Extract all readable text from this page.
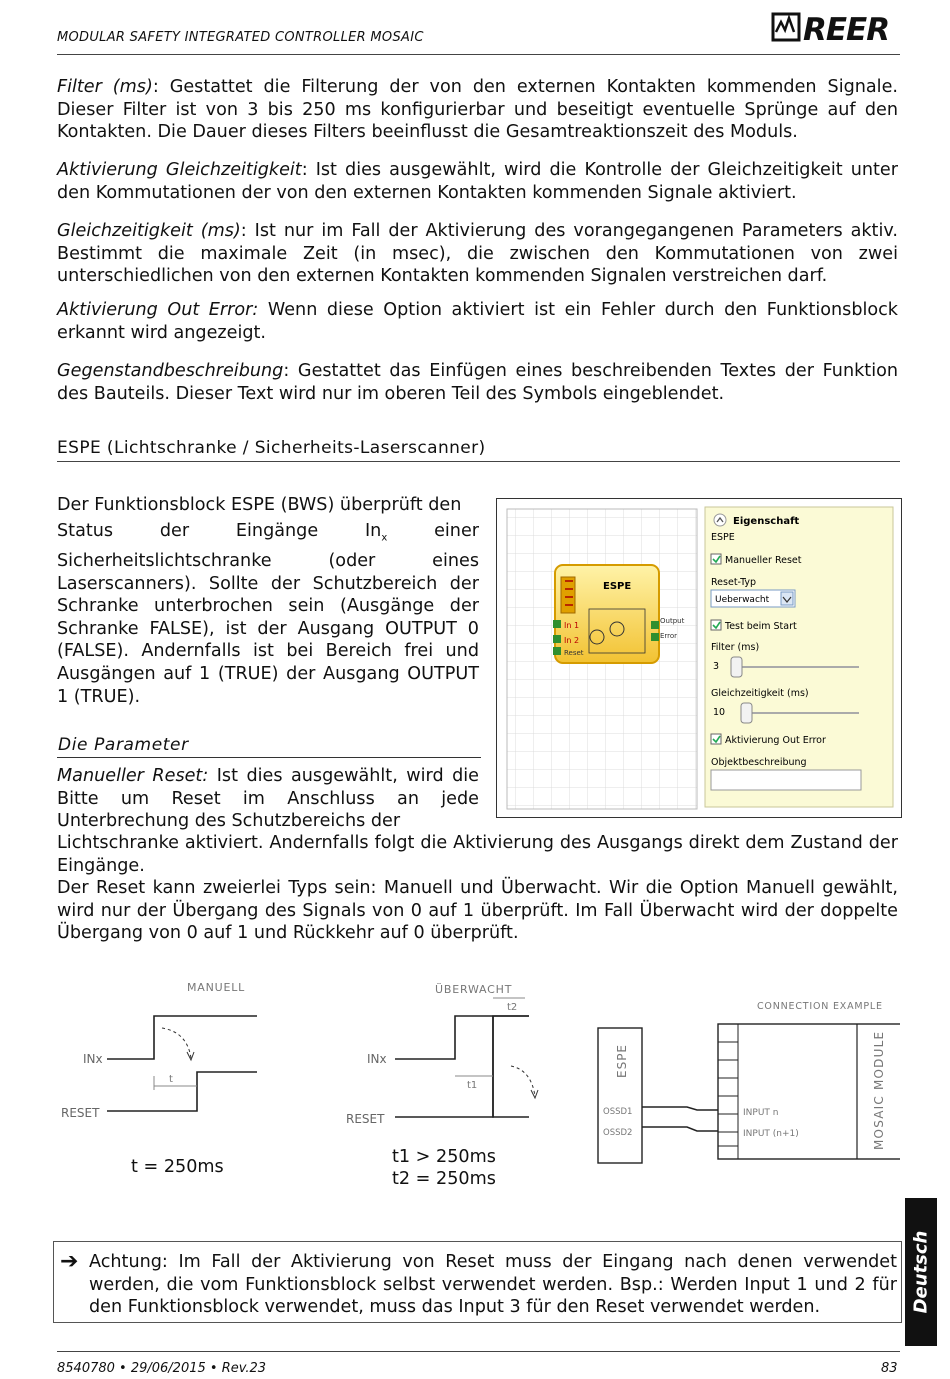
MODULAR SAFETY INTEGRATED CONTROLLER MOSAIC	REER

Filter (ms): Gestattet die Filterung der von den externen Kontakten kommenden Signale. Dieser Filter ist von 3 bis 250 ms konfigurierbar und beseitigt eventuelle Sprünge auf den Kontakten. Die Dauer dieses Filters beeinflusst die Gesamtreaktionszeit des Moduls.

Aktivierung Gleichzeitigkeit: Ist dies ausgewählt, wird die Kontrolle der Gleichzeitigkeit unter den Kommutationen der von den externen Kontakten kommenden Signale aktiviert.

Gleichzeitigkeit (ms): Ist nur im Fall der Aktivierung des vorangegangenen Parameters aktiv. Bestimmt die maximale Zeit (in msec), die zwischen den Kommutationen von zwei unterschiedlichen von den externen Kontakten kommenden Signalen verstreichen darf.

Aktivierung Out Error: Wenn diese Option aktiviert ist ein Fehler durch den Funktionsblock erkannt wird angezeigt.

Gegenstandbeschreibung: Gestattet das Einfügen eines beschreibenden Textes der Funktion des Bauteils. Dieser Text wird nur im oberen Teil des Symbols eingeblendet.

ESPE (Lichtschranke / Sicherheits-Laserscanner)

Der Funktionsblock ESPE (BWS) überprüft den

Status der Eingänge $In_x$ einer Sicherheitslichtschranke (oder eines Laserscanners). Sollte der Schutzbereich der Schranke unterbrochen sein (Ausgänge der Schranke FALSE), ist der Ausgang OUTPUT 0 (FALSE). Andernfalls ist bei Bereich frei und Ausgängen auf 1 (TRUE) der Ausgang OUTPUT 1 (TRUE).

Die Parameter

Manueller Reset: Ist dies ausgewählt, wird die Bitte um Reset im Anschluss an jede Unterbrechung des Schutzbereichs der

Lichtschranke aktiviert. Andernfalls folgt die Aktivierung des Ausgangs direkt dem Zustand der Eingänge.

Der Reset kann zweierlei Typs sein: Manuell und Überwacht. Wir die Option Manuell gewählt, wird nur der Übergang des Signals von 0 auf 1 überprüft. Im Fall Überwacht wird der doppelte Übergang von 0 auf 1 und Rückkehr auf 0 überprüft.

ESPE
In 1
In 2
Reset
Output
Error
Eigenschaft
ESPE
Manueller Reset
Reset-Typ
Ueberwacht
Test beim Start
Filter (ms)
3
Gleichzeitigkeit (ms)
10
Aktivierung Out Error
Objektbeschreibung
MANUELL
INx
RESET
t
t = 250ms
ÜBERWACHT
INx
RESET
t1
t2
t1 > 250ms
t2 = 250ms
CONNECTION EXAMPLE
ESPE
OSSD1
OSSD2
INPUT n
INPUT (n+1)	MOSAIC MODULE
Deutsch
➔ Achtung: Im Fall der Aktivierung von Reset muss der Eingang nach denen verwendet werden, die vom Funktionsblock selbst verwendet werden. Bsp.: Werden Input 1 und 2 für den Funktionsblock verwendet, muss das Input 3 für den Reset verwendet werden.

8540780 • 29/06/2015 • Rev.23	83
